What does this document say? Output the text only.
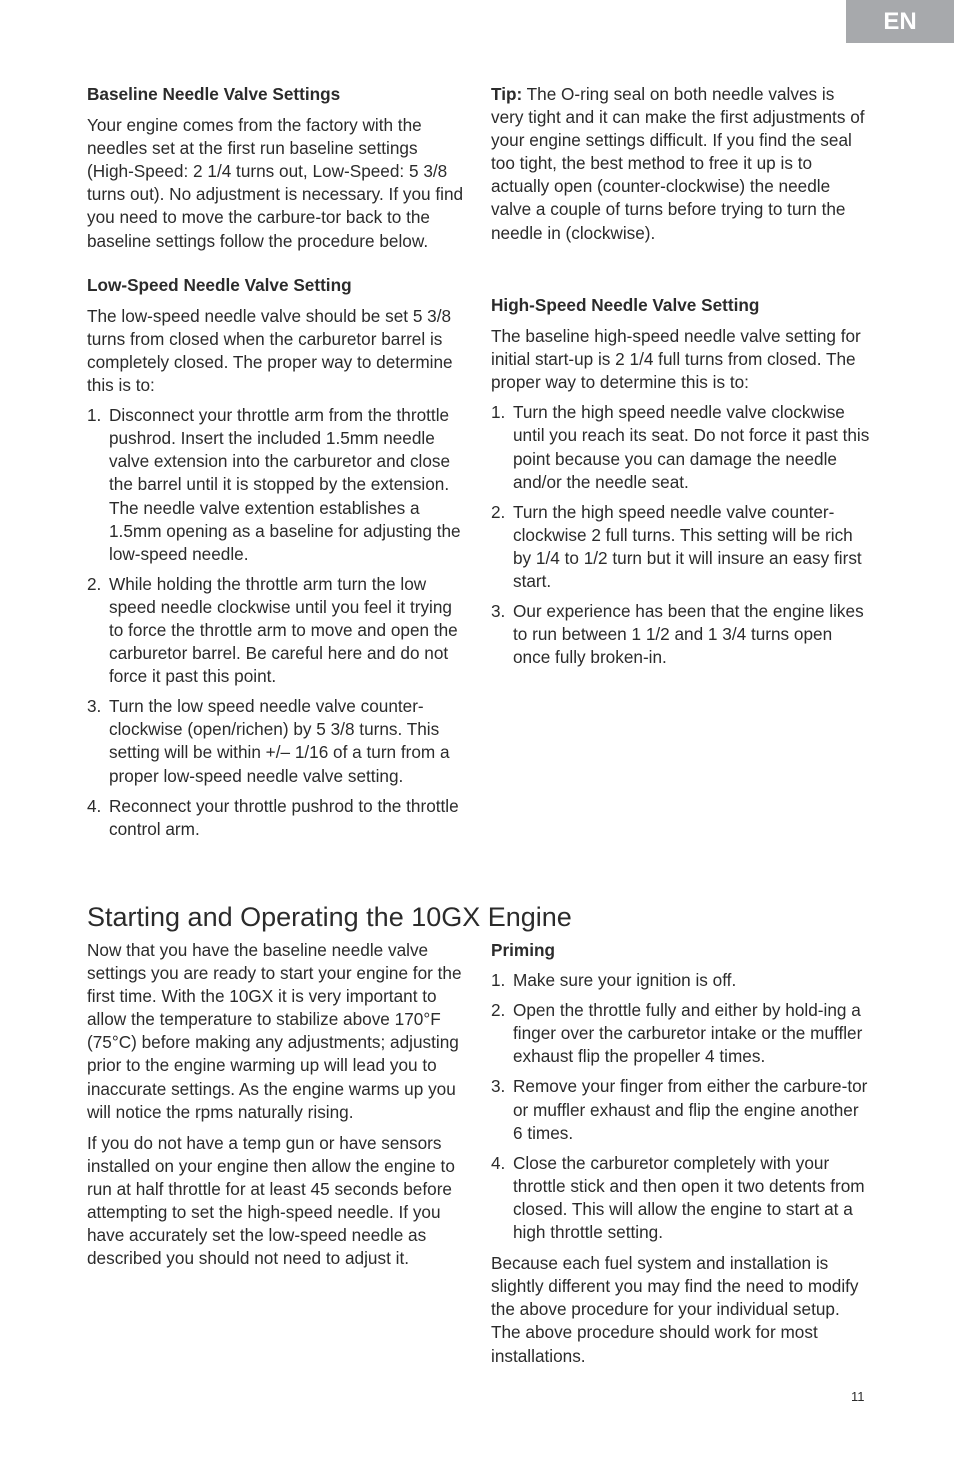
EN
Baseline Needle Valve Settings

Your engine comes from the factory with the needles set at the first run baseline settings (High-Speed: 2 1/4 turns out, Low-Speed: 5 3/8 turns out). No adjustment is necessary. If you find you need to move the carbure-tor back to the baseline settings follow the procedure below.

Low-Speed Needle Valve Setting

The low-speed needle valve should be set 5 3/8 turns from closed when the carburetor barrel is completely closed. The proper way to determine this is to:

1. Disconnect your throttle arm from the throttle pushrod. Insert the included 1.5mm needle valve extension into the carburetor and close the barrel until it is stopped by the extension. The needle valve extention establishes a 1.5mm opening as a baseline for adjusting the low-speed needle.
2. While holding the throttle arm turn the low speed needle clockwise until you feel it trying to force the throttle arm to move and open the carburetor barrel. Be careful here and do not force it past this point.
3. Turn the low speed needle valve counter-clockwise (open/richen) by 5 3/8 turns. This setting will be within +/– 1/16 of a turn from a proper low-speed needle valve setting.
4. Reconnect your throttle pushrod to the throttle control arm.

Tip: The O-ring seal on both needle valves is very tight and it can make the first adjustments of your engine settings difficult. If you find the seal too tight, the best method to free it up is to actually open (counter-clockwise) the needle valve a couple of turns before trying to turn the needle in (clockwise).

High-Speed Needle Valve Setting

The baseline high-speed needle valve setting for initial start-up is 2 1/4 full turns from closed. The proper way to determine this is to:

1. Turn the high speed needle valve clockwise until you reach its seat. Do not force it past this point because you can damage the needle and/or the needle seat.
2. Turn the high speed needle valve counter-clockwise 2 full turns. This setting will be rich by 1/4 to 1/2 turn but it will insure an easy first start.
3. Our experience has been that the engine likes to run between 1 1/2 and 1 3/4 turns open once fully broken-in.
Starting and Operating the 10GX Engine

Now that you have the baseline needle valve settings you are ready to start your engine for the first time. With the 10GX it is very important to allow the temperature to stabilize above 170°F (75°C) before making any adjustments; adjusting prior to the engine warming up will lead you to inaccurate settings. As the engine warms up you will notice the rpms naturally rising.

If you do not have a temp gun or have sensors installed on your engine then allow the engine to run at half throttle for at least 45 seconds before attempting to set the high-speed needle. If you have accurately set the low-speed needle as described you should not need to adjust it.

Priming
1. Make sure your ignition is off.
2. Open the throttle fully and either by hold-ing a finger over the carburetor intake or the muffler exhaust flip the propeller 4 times.
3. Remove your finger from either the carbure-tor or muffler exhaust and flip the engine another 6 times.
4. Close the carburetor completely with your throttle stick and then open it two detents from closed. This will allow the engine to start at a high throttle setting.

Because each fuel system and installation is slightly different you may find the need to modify the above procedure for your individual setup. The above procedure should work for most installations.

11
